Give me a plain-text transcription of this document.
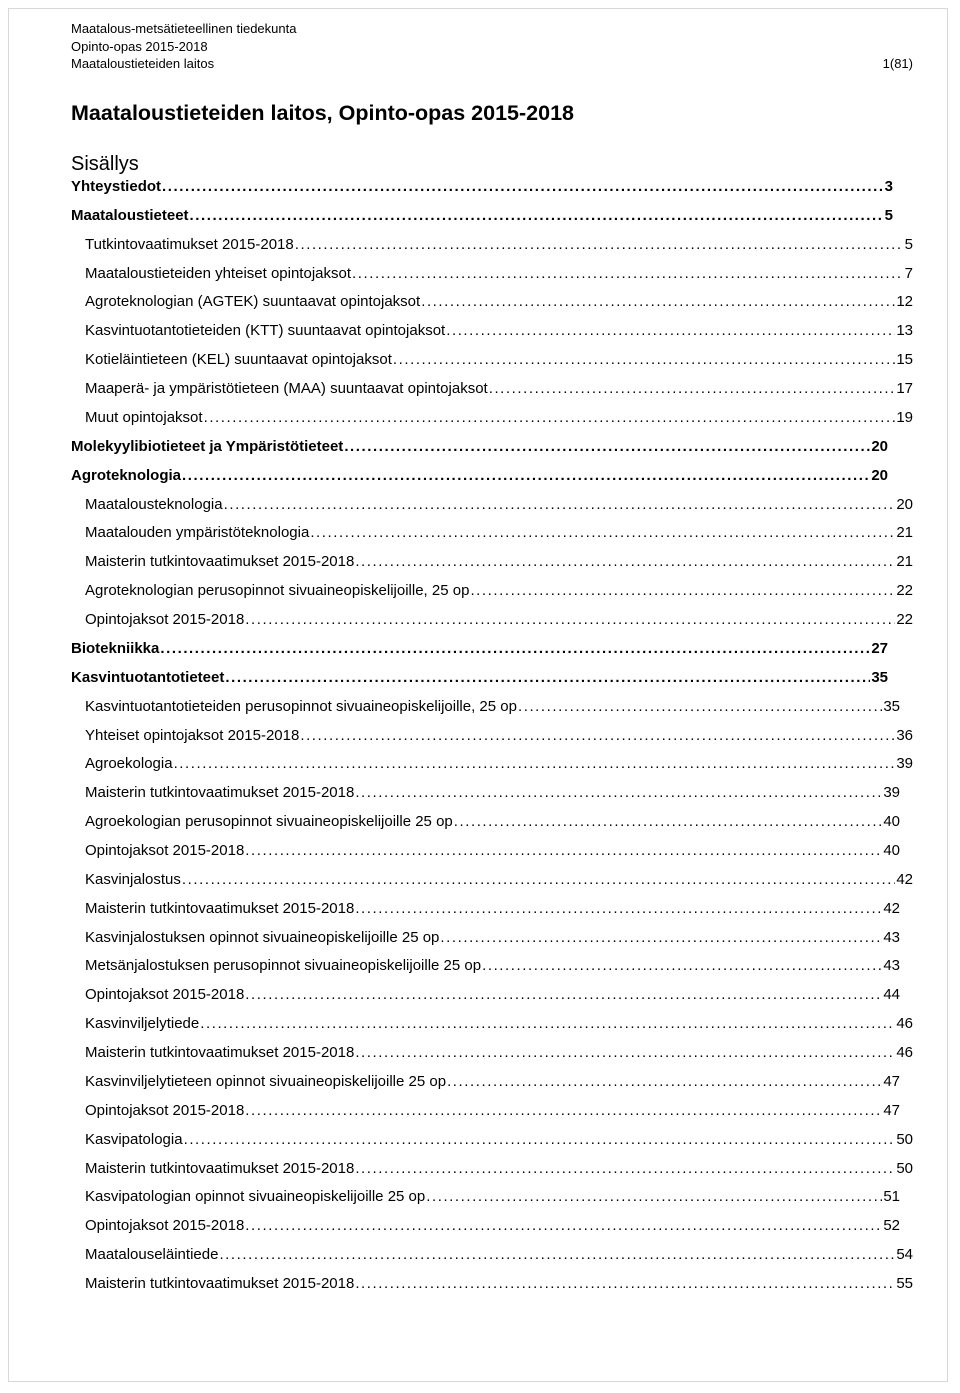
Maatalous-metsätieteellinen tiedekunta
Opinto-opas 2015-2018
Maataloustieteiden laitos	1(81)
Maataloustieteiden laitos, Opinto-opas 2015-2018
Sisällys
Yhteystiedot . . .	3
Maataloustieteet . . .	5
Tutkintovaatimukset 2015-2018 . . .	5
Maataloustieteiden yhteiset opintojaksot . . .	7
Agroteknologian (AGTEK) suuntaavat opintojaksot . . .	12
Kasvintuotantotieteiden (KTT) suuntaavat opintojaksot . . .	13
Kotieläintieteen (KEL) suuntaavat opintojaksot . . .	15
Maaperä- ja ympäristötieteen (MAA) suuntaavat opintojaksot . . .	17
Muut opintojaksot . . .	19
Molekyylibiotieteet ja Ympäristötieteet . . .	20
Agroteknologia . . .	20
Maatalousteknologia . . .	20
Maatalouden ympäristöteknologia . . .	21
Maisterin tutkintovaatimukset 2015-2018 . . .	21
Agroteknologian perusopinnot sivuaineopiskelijoille, 25 op . . .	22
Opintojaksot 2015-2018 . . .	22
Biotekniikka . . .	27
Kasvintuotantotieteet . . .	35
Kasvintuotantotieteiden perusopinnot sivuaineopiskelijoille, 25 op . . .	35
Yhteiset opintojaksot 2015-2018 . . .	36
Agroekologia . . .	39
Maisterin tutkintovaatimukset 2015-2018 . . .	39
Agroekologian perusopinnot sivuaineopiskelijoille 25 op . . .	40
Opintojaksot 2015-2018 . . .	40
Kasvinjalostus . . .	42
Maisterin tutkintovaatimukset 2015-2018 . . .	42
Kasvinjalostuksen opinnot sivuaineopiskelijoille 25 op . . .	43
Metsänjalostuksen perusopinnot sivuaineopiskelijoille 25 op . . .	43
Opintojaksot 2015-2018 . . .	44
Kasvinviljelytiede . . .	46
Maisterin tutkintovaatimukset 2015-2018 . . .	46
Kasvinviljelytieteen opinnot sivuaineopiskelijoille 25 op . . .	47
Opintojaksot 2015-2018 . . .	47
Kasvipatologia . . .	50
Maisterin tutkintovaatimukset 2015-2018 . . .	50
Kasvipatologian opinnot sivuaineopiskelijoille 25 op . . .	51
Opintojaksot 2015-2018 . . .	52
Maatalouseläintiede . . .	54
Maisterin tutkintovaatimukset 2015-2018 . . .	55
